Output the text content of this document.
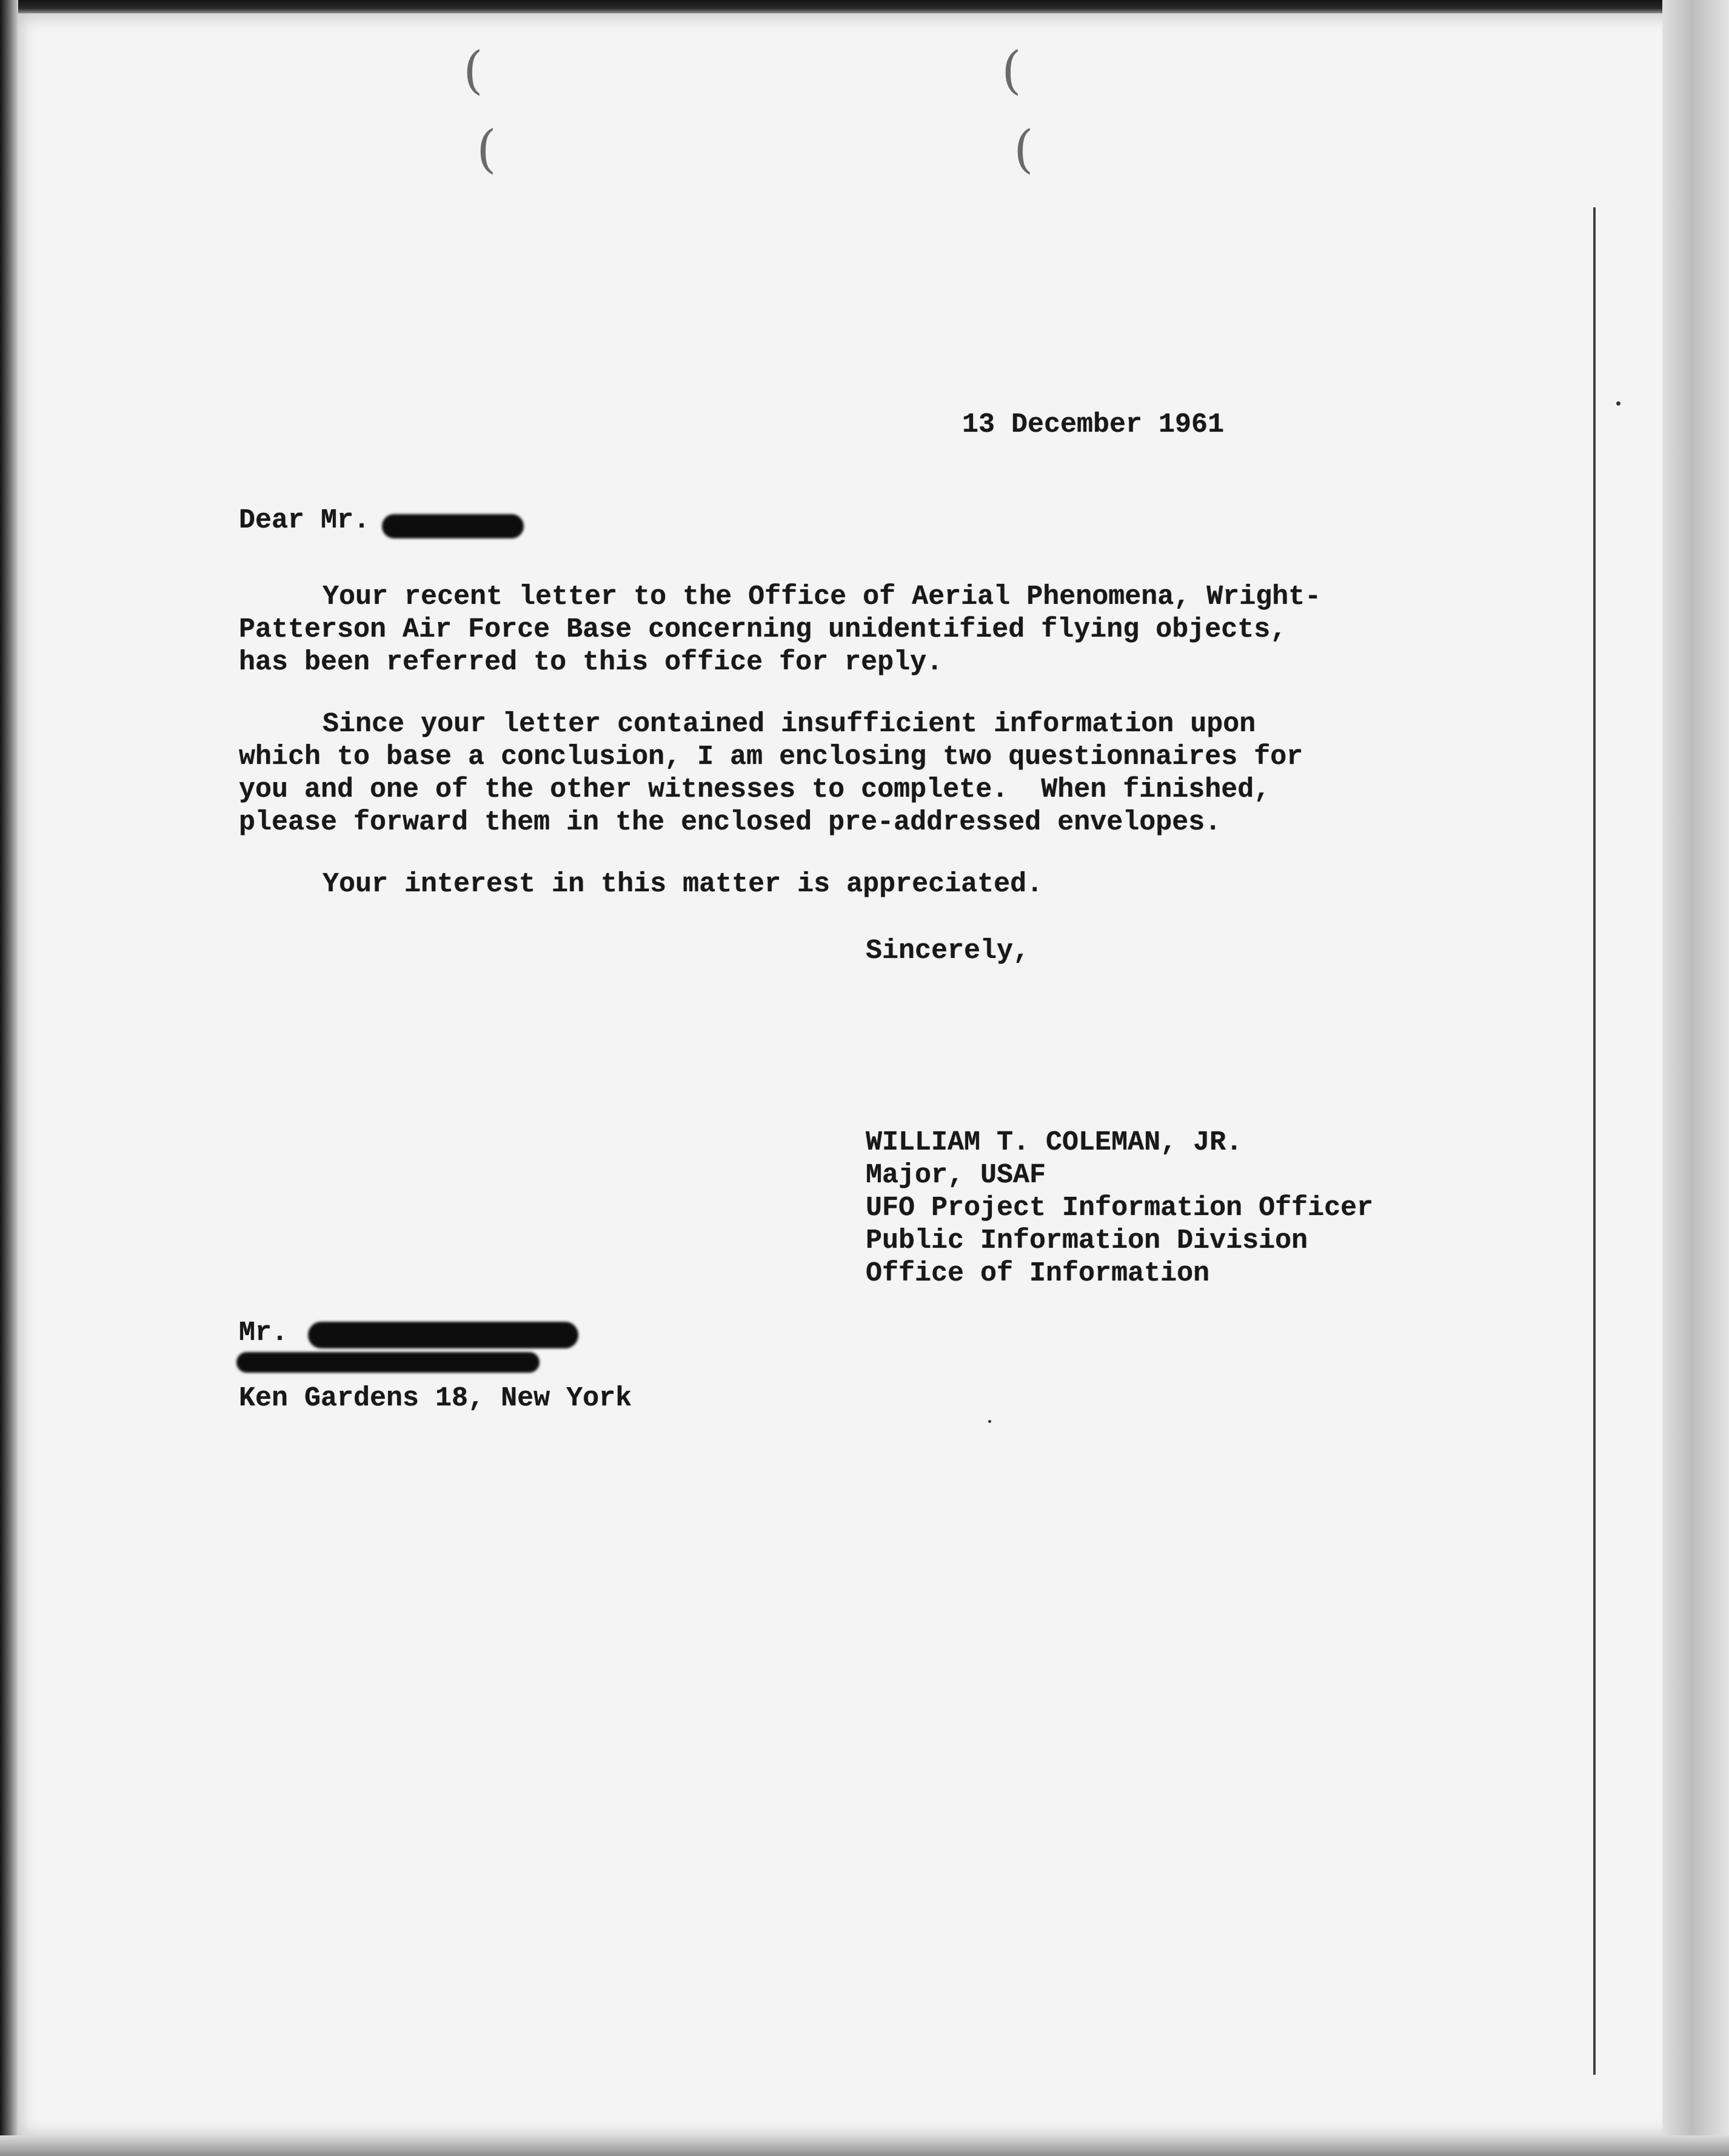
(
(
(
(
13 December 1961
Dear Mr.
Your recent letter to the Office of Aerial Phenomena, Wright-
Patterson Air Force Base concerning unidentified flying objects,
has been referred to this office for reply.
Since your letter contained insufficient information upon
which to base a conclusion, I am enclosing two questionnaires for
you and one of the other witnesses to complete.  When finished,
please forward them in the enclosed pre-addressed envelopes.
Your interest in this matter is appreciated.
Sincerely,
WILLIAM T. COLEMAN, JR.
Major, USAF
UFO Project Information Officer
Public Information Division
Office of Information
Mr.
Ken Gardens 18, New York
